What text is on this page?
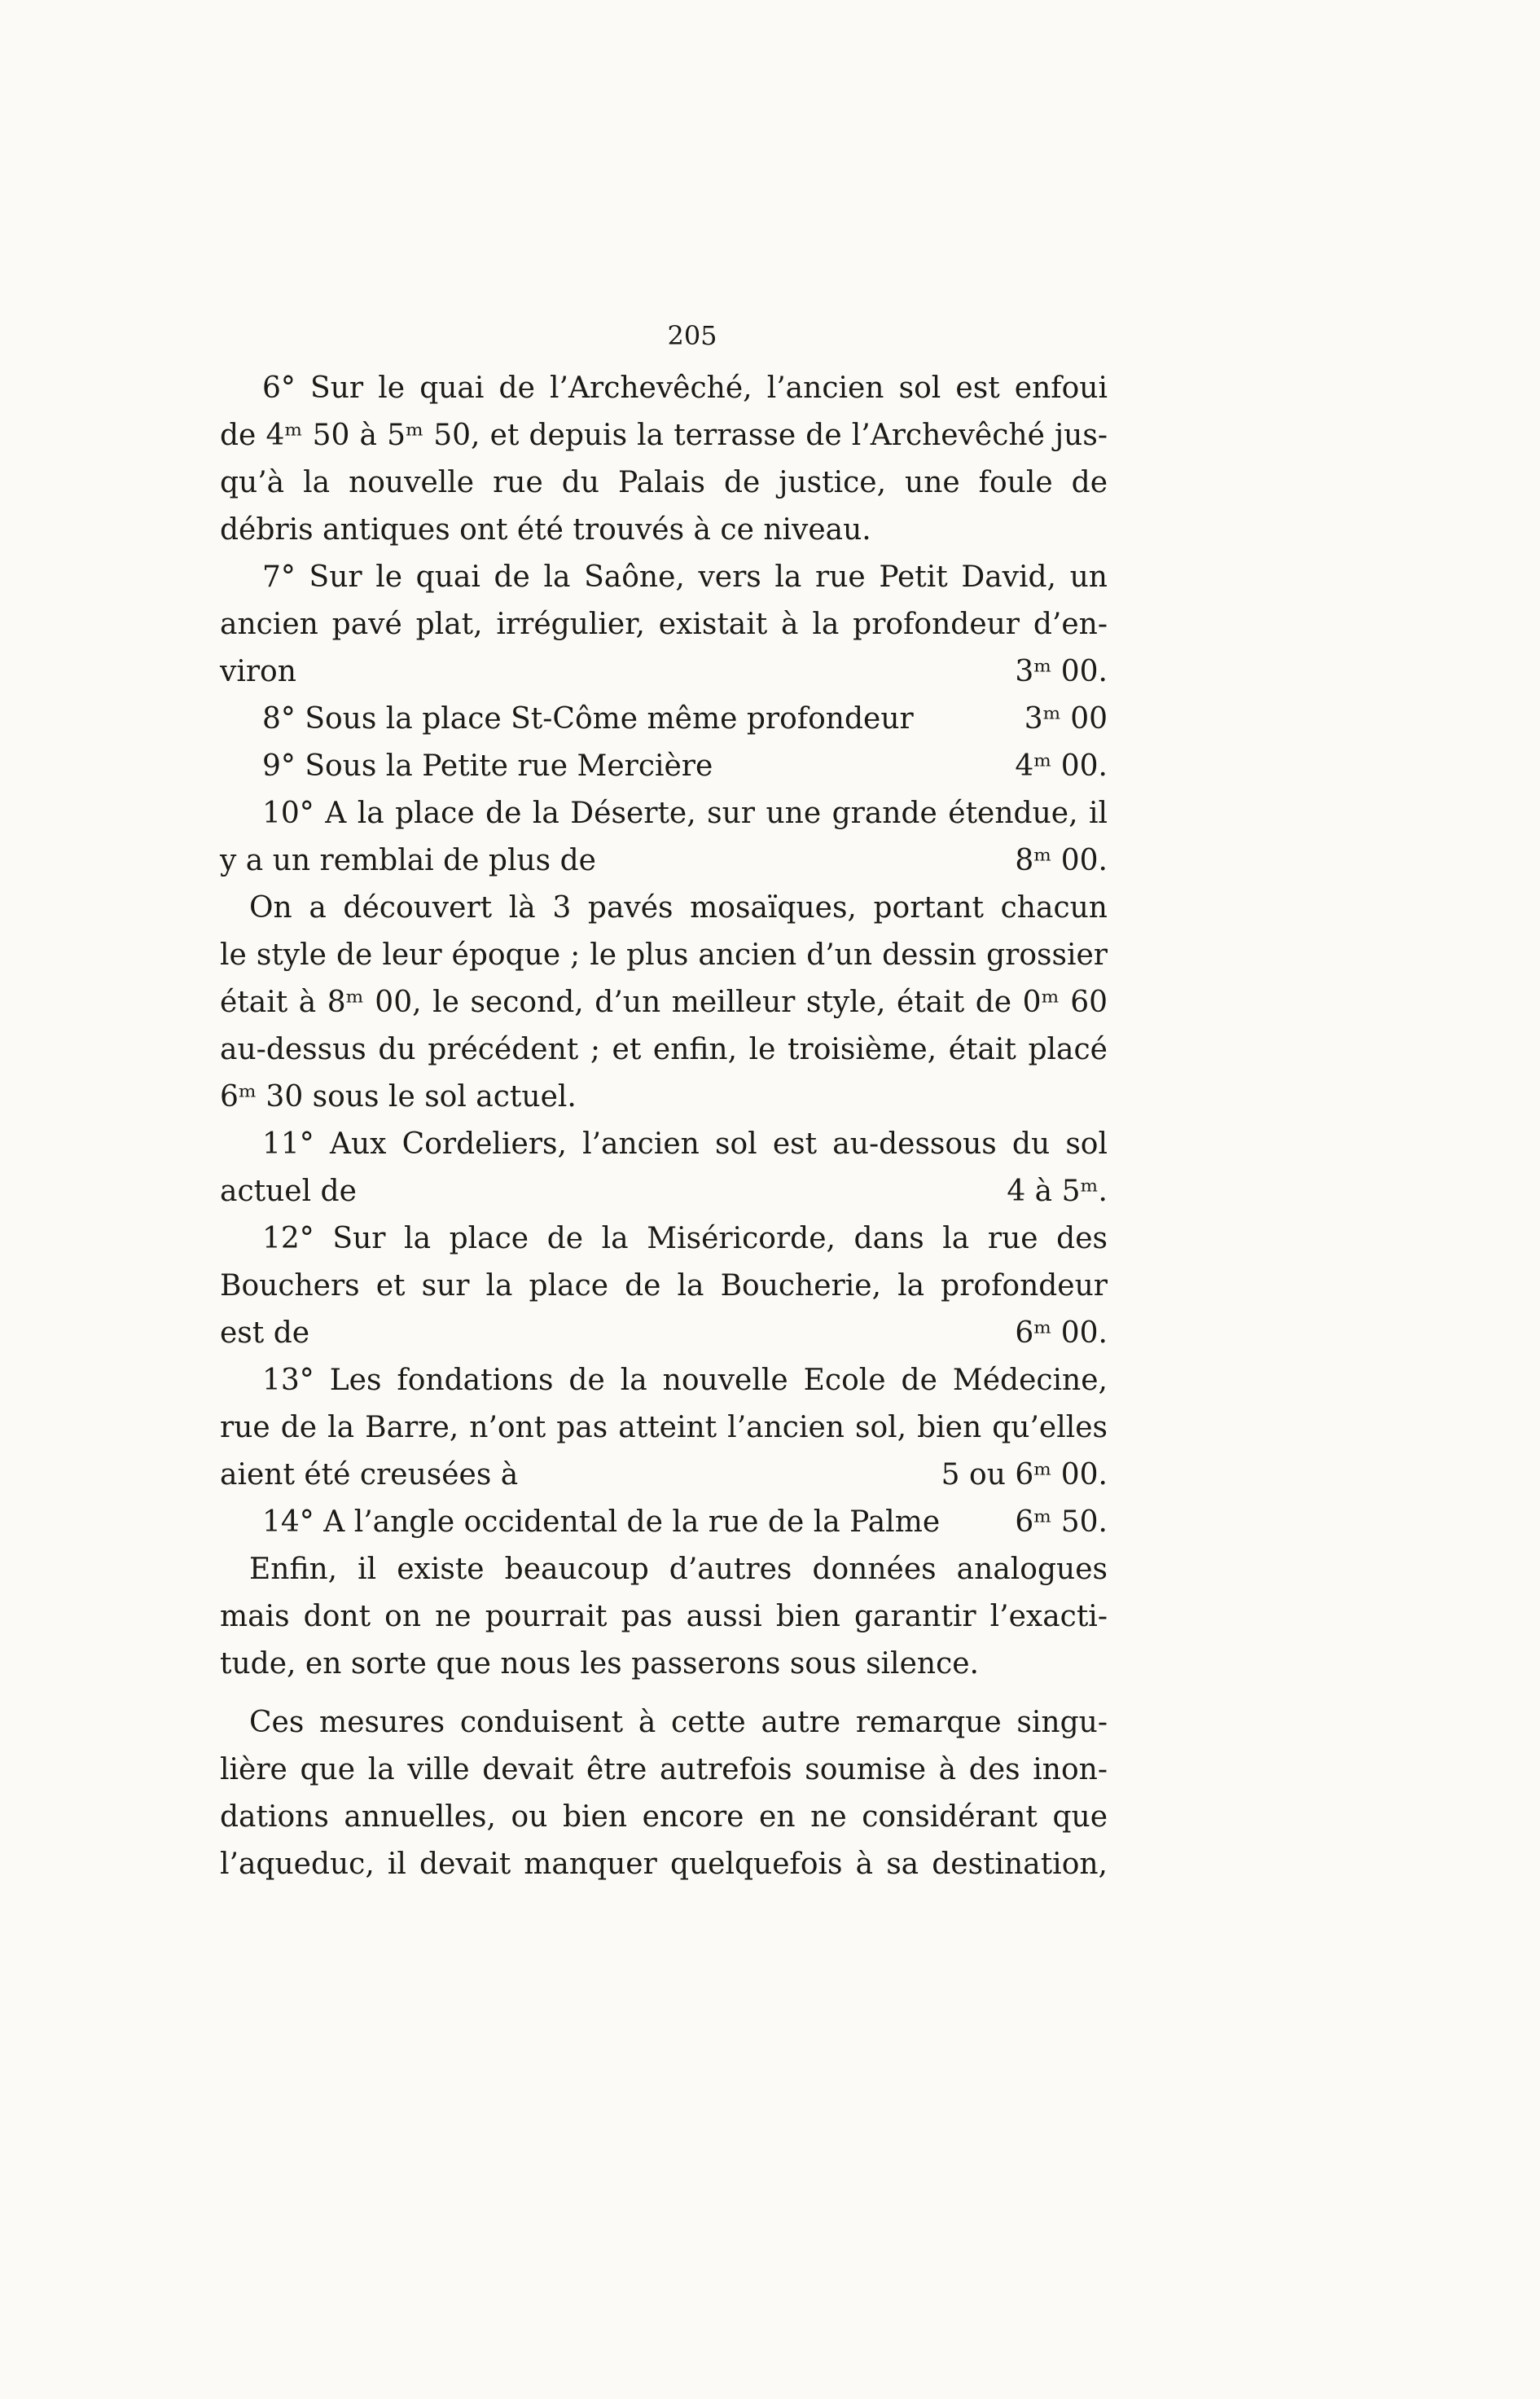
205
6° Sur le quai de l’Archevêché, l’ancien sol est enfoui
de 4ᵐ 50 à 5ᵐ 50, et depuis la terrasse de l’Archevêché jus-
qu’à la nouvelle rue du Palais de justice, une foule de
débris antiques ont été trouvés à ce niveau.
7° Sur le quai de la Saône, vers la rue Petit David, un
ancien pavé plat, irrégulier, existait à la profondeur d’en-
viron	3ᵐ 00.
8° Sous la place St-Côme même profondeur	3ᵐ 00
9° Sous la Petite rue Mercière	4ᵐ 00.
10° A la place de la Déserte, sur une grande étendue, il
y a un remblai de plus de	8ᵐ 00.
On a découvert là 3 pavés mosaïques, portant chacun
le style de leur époque ; le plus ancien d’un dessin grossier
était à 8ᵐ 00, le second, d’un meilleur style, était de 0ᵐ 60
au-dessus du précédent ; et enfin, le troisième, était placé
6ᵐ 30 sous le sol actuel.
11° Aux Cordeliers, l’ancien sol est au-dessous du sol
actuel de	4 à 5ᵐ.
12° Sur la place de la Miséricorde, dans la rue des
Bouchers et sur la place de la Boucherie, la profondeur
est de	6ᵐ 00.
13° Les fondations de la nouvelle Ecole de Médecine,
rue de la Barre, n’ont pas atteint l’ancien sol, bien qu’elles
aient été creusées à	5 ou 6ᵐ 00.
14° A l’angle occidental de la rue de la Palme	6ᵐ 50.
Enfin, il existe beaucoup d’autres données analogues
mais dont on ne pourrait pas aussi bien garantir l’exacti-
tude, en sorte que nous les passerons sous silence.
Ces mesures conduisent à cette autre remarque singu-
lière que la ville devait être autrefois soumise à des inon-
dations annuelles, ou bien encore en ne considérant que
l’aqueduc, il devait manquer quelquefois à sa destination,
